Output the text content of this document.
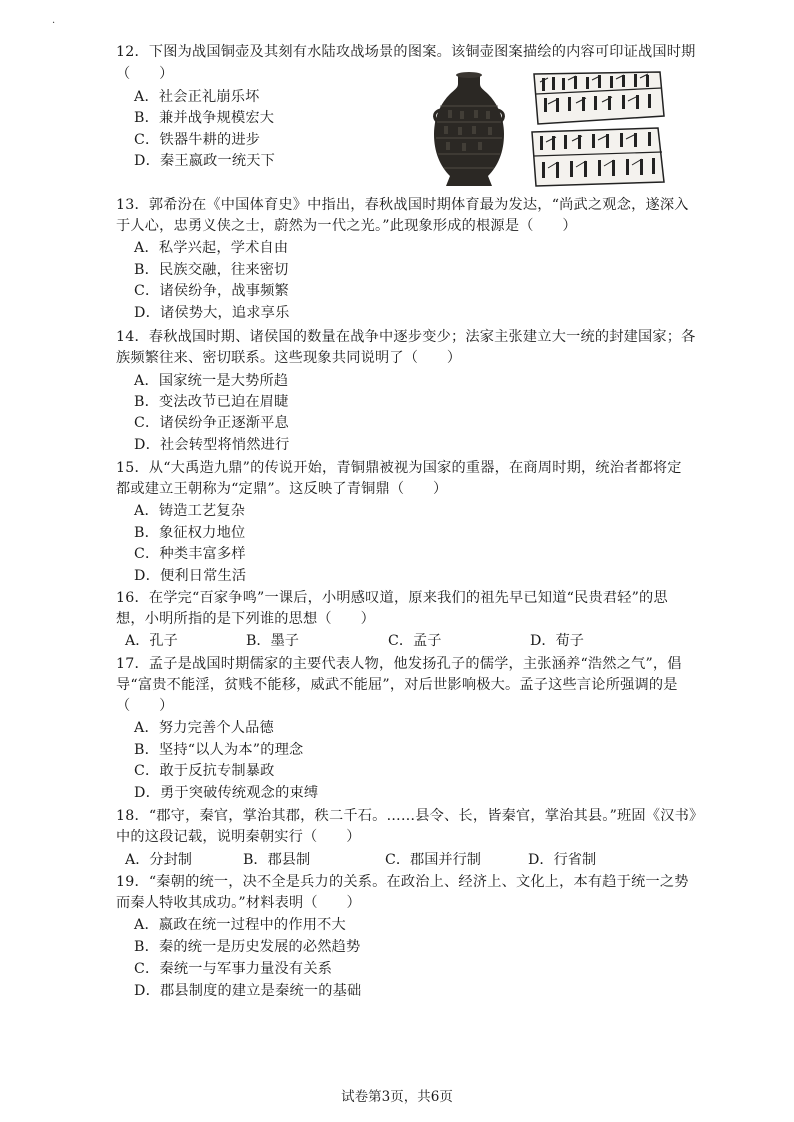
·
12．下图为战国铜壶及其刻有水陆攻战场景的图案。该铜壶图案描绘的内容可印证战国时期
（　　）
A．社会正礼崩乐坏
B．兼并战争规模宏大
C．铁器牛耕的进步
D．秦王嬴政一统天下
13．郭希汾在《中国体育史》中指出，春秋战国时期体育最为发达，“尚武之观念，遂深入
于人心，忠勇义侠之士，蔚然为一代之光。”此现象形成的根源是（　　）
A．私学兴起，学术自由
B．民族交融，往来密切
C．诸侯纷争，战事频繁
D．诸侯势大，追求享乐
14．春秋战国时期、诸侯国的数量在战争中逐步变少；法家主张建立大一统的封建国家；各
族频繁往来、密切联系。这些现象共同说明了（　　）
A．国家统一是大势所趋
B．变法改节已迫在眉睫
C．诸侯纷争正逐渐平息
D．社会转型将悄然进行
15．从“大禹造九鼎”的传说开始，青铜鼎被视为国家的重器，在商周时期，统治者都将定
都或建立王朝称为“定鼎”。这反映了青铜鼎（　　）
A．铸造工艺复杂
B．象征权力地位
C．种类丰富多样
D．便利日常生活
16．在学完“百家争鸣”一课后，小明感叹道，原来我们的祖先早已知道“民贵君轻”的思
想，小明所指的是下列谁的思想（　　）
A．孔子	B．墨子	C．孟子	D．荀子
17．孟子是战国时期儒家的主要代表人物，他发扬孔子的儒学，主张涵养“浩然之气”，倡
导“富贵不能淫，贫贱不能移，威武不能屈”，对后世影响极大。孟子这些言论所强调的是
（　　）
A．努力完善个人品德
B．坚持“以人为本”的理念
C．敢于反抗专制暴政
D．勇于突破传统观念的束缚
18．“郡守，秦官，掌治其郡，秩二千石。……县令、长，皆秦官，掌治其县。”班固《汉书》
中的这段记载，说明秦朝实行（　　）
A．分封制	B．郡县制	C．郡国并行制	D．行省制
19．“秦朝的统一，决不全是兵力的关系。在政治上、经济上、文化上，本有趋于统一之势
而秦人特收其成功。”材料表明（　　）
A．嬴政在统一过程中的作用不大
B．秦的统一是历史发展的必然趋势
C．秦统一与军事力量没有关系
D．郡县制度的建立是秦统一的基础
试卷第3页，共6页
